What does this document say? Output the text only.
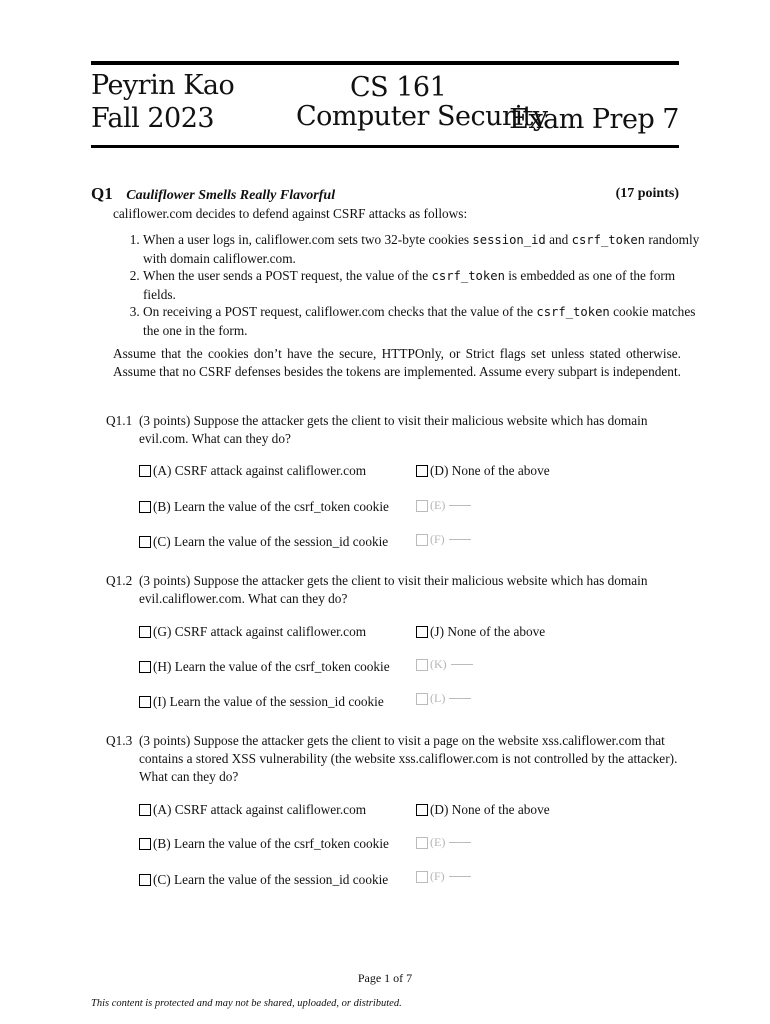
Peyrin Kao
Fall 2023
CS 161
Computer Security
Exam Prep 7
Q1 Cauliflower Smells Really Flavorful	(17 points)
califlower.com decides to defend against CSRF attacks as follows:
1. When a user logs in, califlower.com sets two 32-byte cookies session_id and csrf_token randomly with domain califlower.com.
2. When the user sends a POST request, the value of the csrf_token is embedded as one of the form fields.
3. On receiving a POST request, califlower.com checks that the value of the csrf_token cookie matches the one in the form.
Assume that the cookies don’t have the secure, HTTPOnly, or Strict flags set unless stated otherwise. Assume that no CSRF defenses besides the tokens are implemented. Assume every subpart is independent.
Q1.1 (3 points) Suppose the attacker gets the client to visit their malicious website which has domain evil.com. What can they do?
(A) CSRF attack against califlower.com
(B) Learn the value of the csrf_token cookie
(C) Learn the value of the session_id cookie
(D) None of the above
(E)
(F)
Q1.2 (3 points) Suppose the attacker gets the client to visit their malicious website which has domain evil.califlower.com. What can they do?
(G) CSRF attack against califlower.com
(H) Learn the value of the csrf_token cookie
(I) Learn the value of the session_id cookie
(J) None of the above
(K)
(L)
Q1.3 (3 points) Suppose the attacker gets the client to visit a page on the website xss.califlower.com that contains a stored XSS vulnerability (the website xss.califlower.com is not controlled by the attacker). What can they do?
(A) CSRF attack against califlower.com
(B) Learn the value of the csrf_token cookie
(C) Learn the value of the session_id cookie
(D) None of the above
(E)
(F)
Page 1 of 7
This content is protected and may not be shared, uploaded, or distributed.
